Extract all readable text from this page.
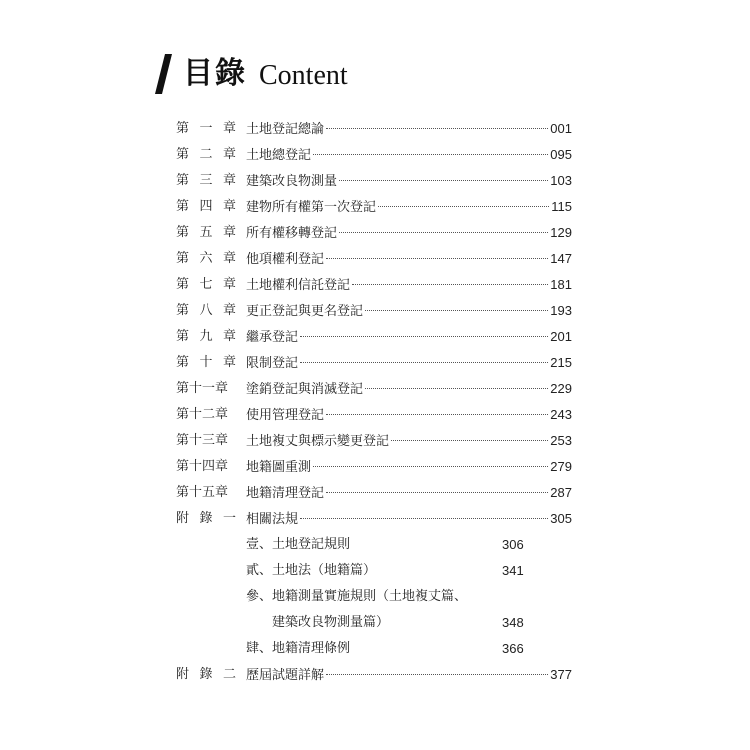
目錄 Content
第 一 章 土地登記總論	001
第 二 章 土地總登記	095
第 三 章 建築改良物測量	103
第 四 章 建物所有權第一次登記	115
第 五 章 所有權移轉登記	129
第 六 章 他項權利登記	147
第 七 章 土地權利信託登記	181
第 八 章 更正登記與更名登記	193
第 九 章 繼承登記	201
第 十 章 限制登記	215
第十一章 塗銷登記與消滅登記	229
第十二章 使用管理登記	243
第十三章 土地複丈與標示變更登記	253
第十四章 地籍圖重測	279
第十五章 地籍清理登記	287
附 錄 一 相關法規	305
壹、土地登記規則	306
貳、土地法（地籍篇）	341
參、地籍測量實施規則（土地複丈篇、
　　建築改良物測量篇）	348
肆、地籍清理條例	366
附 錄 二 歷屆試題詳解	377
